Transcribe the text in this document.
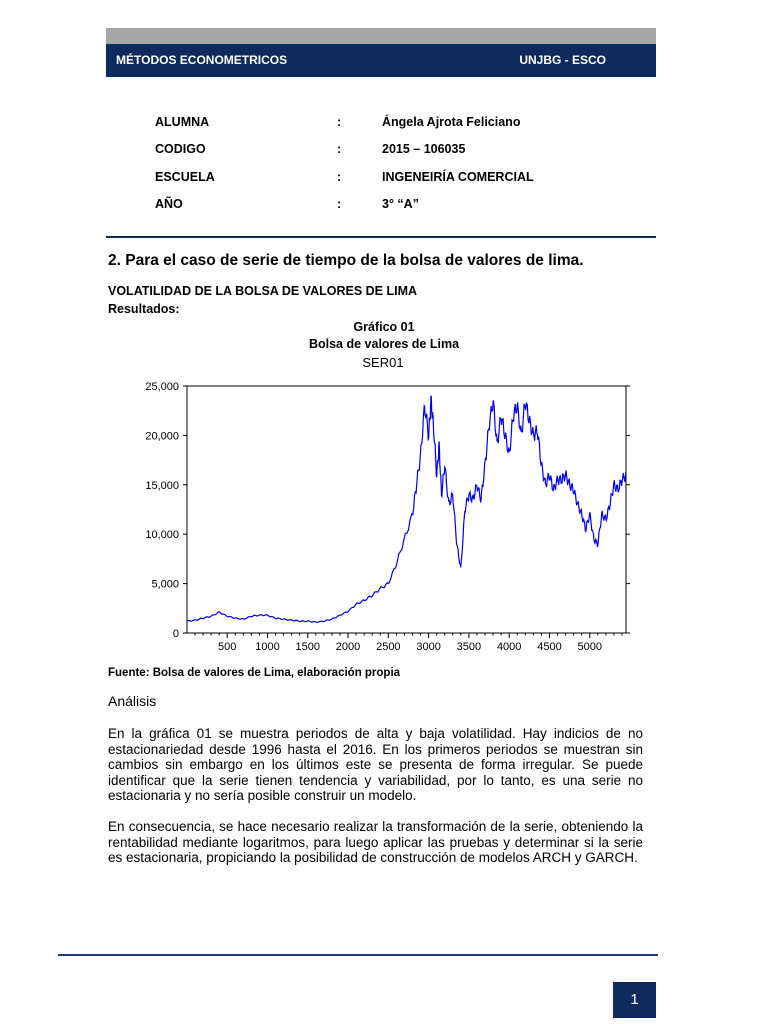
MÉTODOS ECONOMETRICOS	UNJBG - ESCO
ALUMNA	:	Ángela Ajrota Feliciano
CODIGO	:	2015 – 106035
ESCUELA	:	INGENEIRÍA COMERCIAL
AÑO	:	3° “A”
2. Para el caso de serie de tiempo de la bolsa de valores de lima.
VOLATILIDAD DE LA BOLSA DE VALORES DE LIMA
Resultados:
Gráfico 01
Bolsa de valores de Lima
SER01
0
5,000
10,000
15,000
20,000
25,000
500 1000 1500 2000 2500 3000 3500 4000 4500 5000
Fuente: Bolsa de valores de Lima, elaboración propia
Análisis
En la gráfica 01 se muestra periodos de alta y baja volatilidad. Hay indicios de no estacionariedad desde 1996 hasta el 2016. En los primeros periodos se muestran sin cambios sin embargo en los últimos este se presenta de forma irregular. Se puede identificar que la serie tienen tendencia y variabilidad, por lo tanto, es una serie no estacionaria y no sería posible construir un modelo.
En consecuencia, se hace necesario realizar la transformación de la serie, obteniendo la rentabilidad mediante logaritmos, para luego aplicar las pruebas y determinar si la serie es estacionaria, propiciando la posibilidad de construcción de modelos ARCH y GARCH.
1
